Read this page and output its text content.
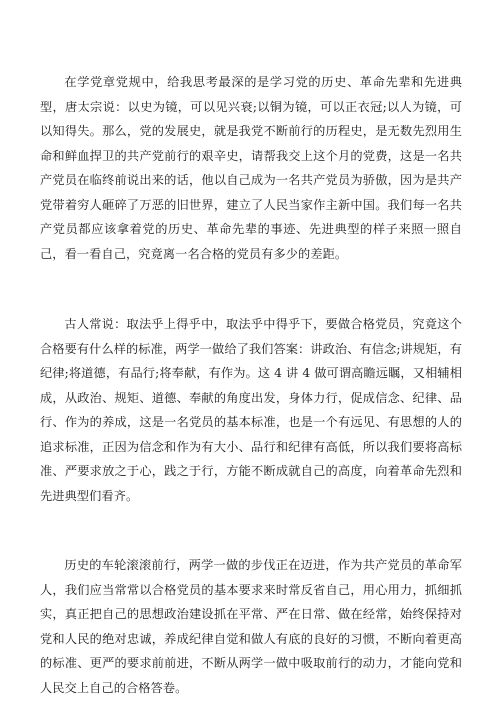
在学党章党规中，给我思考最深的是学习党的历史、革命先辈和先进典型，唐太宗说：以史为镜，可以见兴衰;以铜为镜，可以正衣冠;以人为镜，可以知得失。那么，党的发展史，就是我党不断前行的历程史，是无数先烈用生命和鲜血捍卫的共产党前行的艰辛史，请帮我交上这个月的党费，这是一名共产党员在临终前说出来的话，他以自己成为一名共产党员为骄傲，因为是共产党带着穷人砸碎了万恶的旧世界，建立了人民当家作主新中国。我们每一名共产党员都应该拿着党的历史、革命先辈的事迹、先进典型的样子来照一照自己，看一看自己，究竟离一名合格的党员有多少的差距。

古人常说：取法乎上得乎中，取法乎中得乎下，要做合格党员，究竟这个合格要有什么样的标准，两学一做给了我们答案：讲政治、有信念;讲规矩，有纪律;将道德，有品行;将奉献，有作为。这 4 讲 4 做可谓高瞻远瞩，又相辅相成，从政治、规矩、道德、奉献的角度出发，身体力行，促成信念、纪律、品行、作为的养成，这是一名党员的基本标准，也是一个有远见、有思想的人的追求标准，正因为信念和作为有大小、品行和纪律有高低，所以我们要将高标准、严要求放之于心，践之于行，方能不断成就自己的高度，向着革命先烈和先进典型们看齐。

历史的车轮滚滚前行，两学一做的步伐正在迈进，作为共产党员的革命军人，我们应当常常以合格党员的基本要求来时常反省自己，用心用力，抓细抓实，真正把自己的思想政治建设抓在平常、严在日常、做在经常，始终保持对党和人民的绝对忠诚，养成纪律自觉和做人有底的良好的习惯，不断向着更高的标准、更严的要求前前进，不断从两学一做中吸取前行的动力，才能向党和人民交上自己的合格答卷。
